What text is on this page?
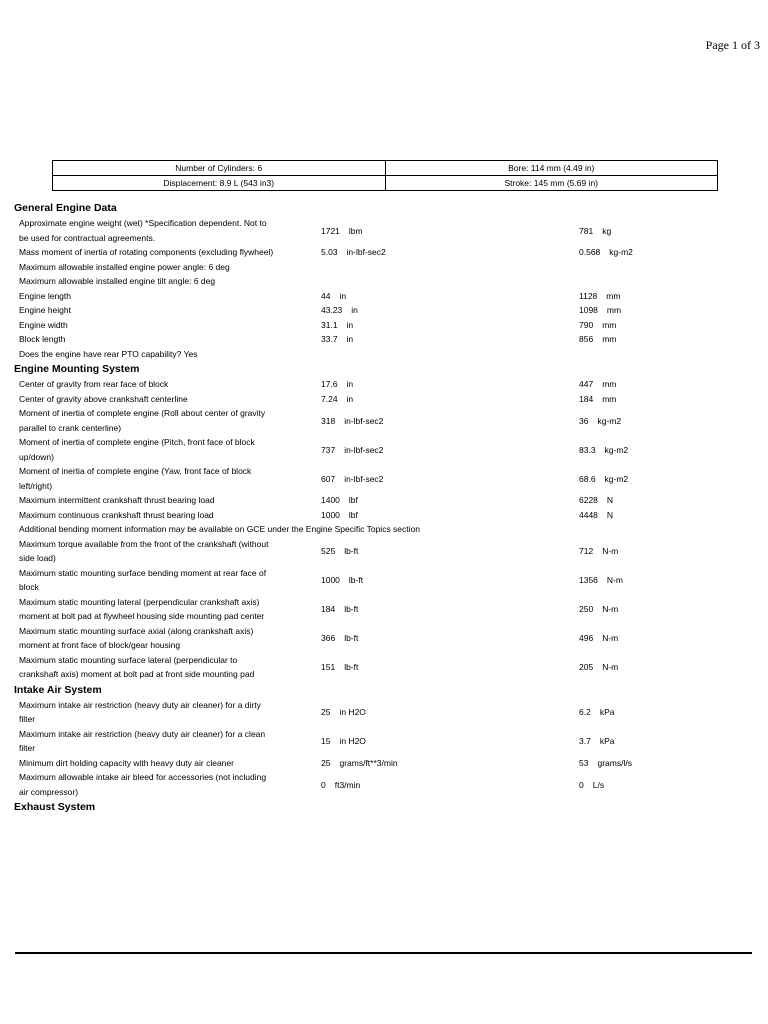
Page 1 of 3
Number of Cylinders: 6	Bore: 114 mm (4.49 in)
Displacement: 8.9 L (543 in3)	Stroke: 145 mm (5.69 in)
General Engine Data
Approximate engine weight (wet) *Specification dependent. Not to be used for contractual agreements.
1721 lbm	781 kg
Mass moment of inertia of rotating components (excluding flywheel)	5.03 in-lbf-sec2	0.568 kg-m2
Maximum allowable installed engine power angle: 6 deg
Maximum allowable installed engine tilt angle: 6 deg
Engine length	44 in	1128 mm
Engine height	43.23 in	1098 mm
Engine width	31.1 in	790 mm
Block length	33.7 in	856 mm
Does the engine have rear PTO capability? Yes
Engine Mounting System
Center of gravity from rear face of block	17.6 in	447 mm
Center of gravity above crankshaft centerline	7.24 in	184 mm
Moment of inertia of complete engine (Roll about center of gravity parallel to crank centerline)
318 in-lbf-sec2	36 kg-m2
Moment of inertia of complete engine (Pitch, front face of block up/down)
737 in-lbf-sec2	83.3 kg-m2
Moment of inertia of complete engine (Yaw, front face of block left/right)
607 in-lbf-sec2	68.6 kg-m2
Maximum intermittent crankshaft thrust bearing load	1400 lbf	6228 N
Maximum continuous crankshaft thrust bearing load	1000 lbf	4448 N
Additional bending moment information may be available on GCE under the Engine Specific Topics section
Maximum torque available from the front of the crankshaft (without side load)
525 lb-ft	712 N-m
Maximum static mounting surface bending moment at rear face of block
1000 lb-ft	1356 N-m
Maximum static mounting lateral (perpendicular crankshaft axis) moment at bolt pad at flywheel housing side mounting pad center
184 lb-ft	250 N-m
Maximum static mounting surface axial (along crankshaft axis) moment at front face of block/gear housing
366 lb-ft	496 N-m
Maximum static mounting surface lateral (perpendicular to crankshaft axis) moment at bolt pad at front side mounting pad
151 lb-ft	205 N-m
Intake Air System
Maximum intake air restriction (heavy duty air cleaner) for a dirty filter
25 in H2O	6.2 kPa
Maximum intake air restriction (heavy duty air cleaner) for a clean filter
15 in H2O	3.7 kPa
Minimum dirt holding capacity with heavy duty air cleaner	25 grams/ft**3/min	53 grams/l/s
Maximum allowable intake air bleed for accessories (not including air compressor)
0 ft3/min	0 L/s
Exhaust System
